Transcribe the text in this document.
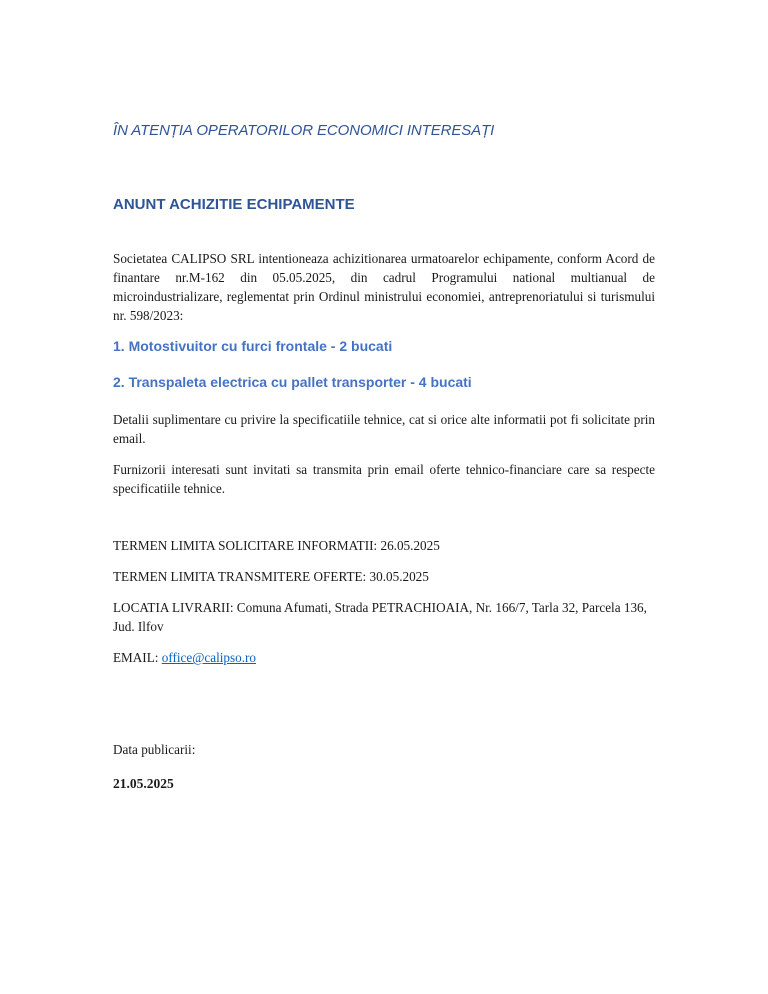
ÎN ATENȚIA OPERATORILOR ECONOMICI INTERESAȚI
ANUNT ACHIZITIE ECHIPAMENTE

Societatea CALIPSO SRL intentioneaza achizitionarea urmatoarelor echipamente, conform Acord de finantare nr.M-162 din 05.05.2025, din cadrul Programului national multianual de microindustrializare, reglementat prin Ordinul ministrului economiei, antreprenoriatului si turismului nr. 598/2023:

1. Motostivuitor cu furci frontale - 2 bucati
2. Transpaleta electrica cu pallet transporter - 4 bucati

Detalii suplimentare cu privire la specificatiile tehnice, cat si orice alte informatii pot fi solicitate prin email.

Furnizorii interesati sunt invitati sa transmita prin email oferte tehnico-financiare care sa respecte specificatiile tehnice.

TERMEN LIMITA SOLICITARE INFORMATII: 26.05.2025

TERMEN LIMITA TRANSMITERE OFERTE: 30.05.2025

LOCATIA LIVRARII: Comuna Afumati, Strada PETRACHIOAIA, Nr. 166/7, Tarla 32, Parcela 136, Jud. Ilfov

EMAIL: office@calipso.ro

Data publicarii:

21.05.2025
